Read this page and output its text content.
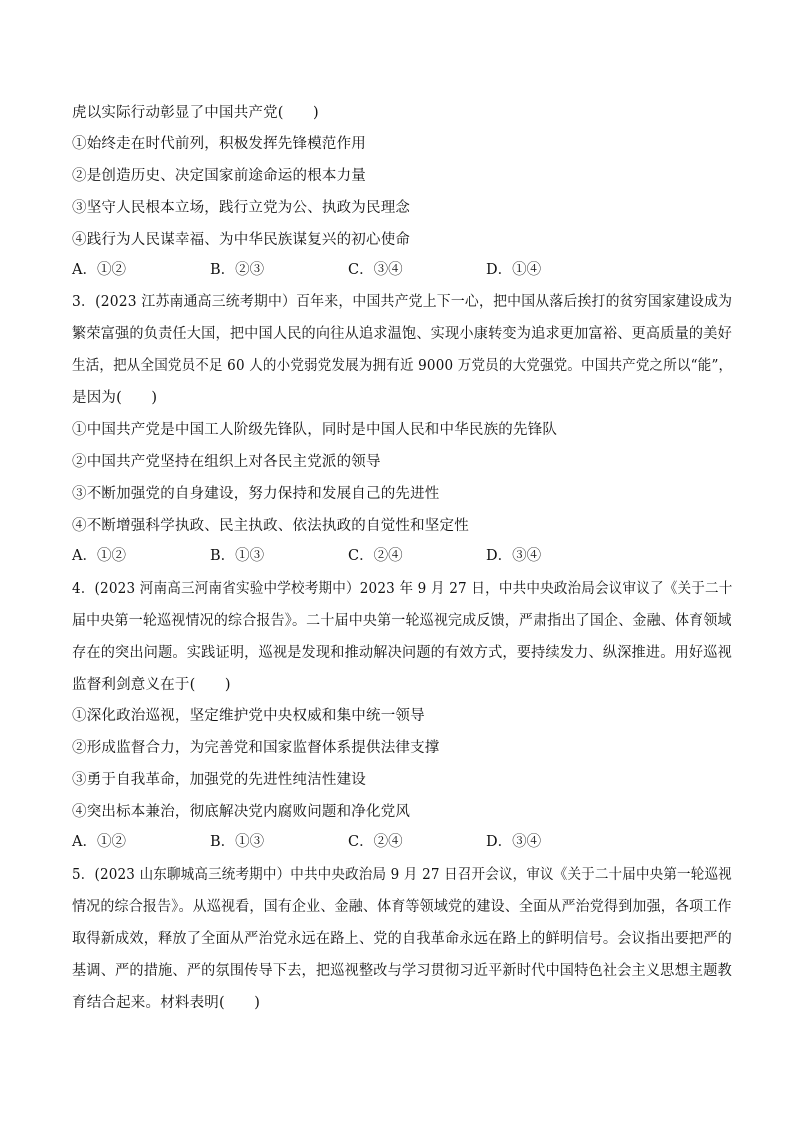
虎以实际行动彰显了中国共产党(　　)
①始终走在时代前列，积极发挥先锋模范作用
②是创造历史、决定国家前途命运的根本力量
③坚守人民根本立场，践行立党为公、执政为民理念
④践行为人民谋幸福、为中华民族谋复兴的初心使命
A．①②	B．②③	C．③④	D．①④
3．(2023 江苏南通高三统考期中）百年来，中国共产党上下一心，把中国从落后挨打的贫穷国家建设成为
繁荣富强的负责任大国，把中国人民的向往从追求温饱、实现小康转变为追求更加富裕、更高质量的美好
生活，把从全国党员不足 60 人的小党弱党发展为拥有近 9000 万党员的大党强党。中国共产党之所以“能”，
是因为(　　)
①中国共产党是中国工人阶级先锋队，同时是中国人民和中华民族的先锋队
②中国共产党坚持在组织上对各民主党派的领导
③不断加强党的自身建设，努力保持和发展自己的先进性
④不断增强科学执政、民主执政、依法执政的自觉性和坚定性
A．①②	B．①③	C．②④	D．③④
4．(2023 河南高三河南省实验中学校考期中）2023 年 9 月 27 日，中共中央政治局会议审议了《关于二十
届中央第一轮巡视情况的综合报告》。二十届中央第一轮巡视完成反馈，严肃指出了国企、金融、体育领域
存在的突出问题。实践证明，巡视是发现和推动解决问题的有效方式，要持续发力、纵深推进。用好巡视
监督利剑意义在于(　　)
①深化政治巡视，坚定维护党中央权威和集中统一领导
②形成监督合力，为完善党和国家监督体系提供法律支撑
③勇于自我革命，加强党的先进性纯洁性建设
④突出标本兼治，彻底解决党内腐败问题和净化党风
A．①②	B．①③	C．②④	D．③④
5．(2023 山东聊城高三统考期中）中共中央政治局 9 月 27 日召开会议，审议《关于二十届中央第一轮巡视
情况的综合报告》。从巡视看，国有企业、金融、体育等领域党的建设、全面从严治党得到加强，各项工作
取得新成效，释放了全面从严治党永远在路上、党的自我革命永远在路上的鲜明信号。会议指出要把严的
基调、严的措施、严的氛围传导下去，把巡视整改与学习贯彻习近平新时代中国特色社会主义思想主题教
育结合起来。材料表明(　　)
